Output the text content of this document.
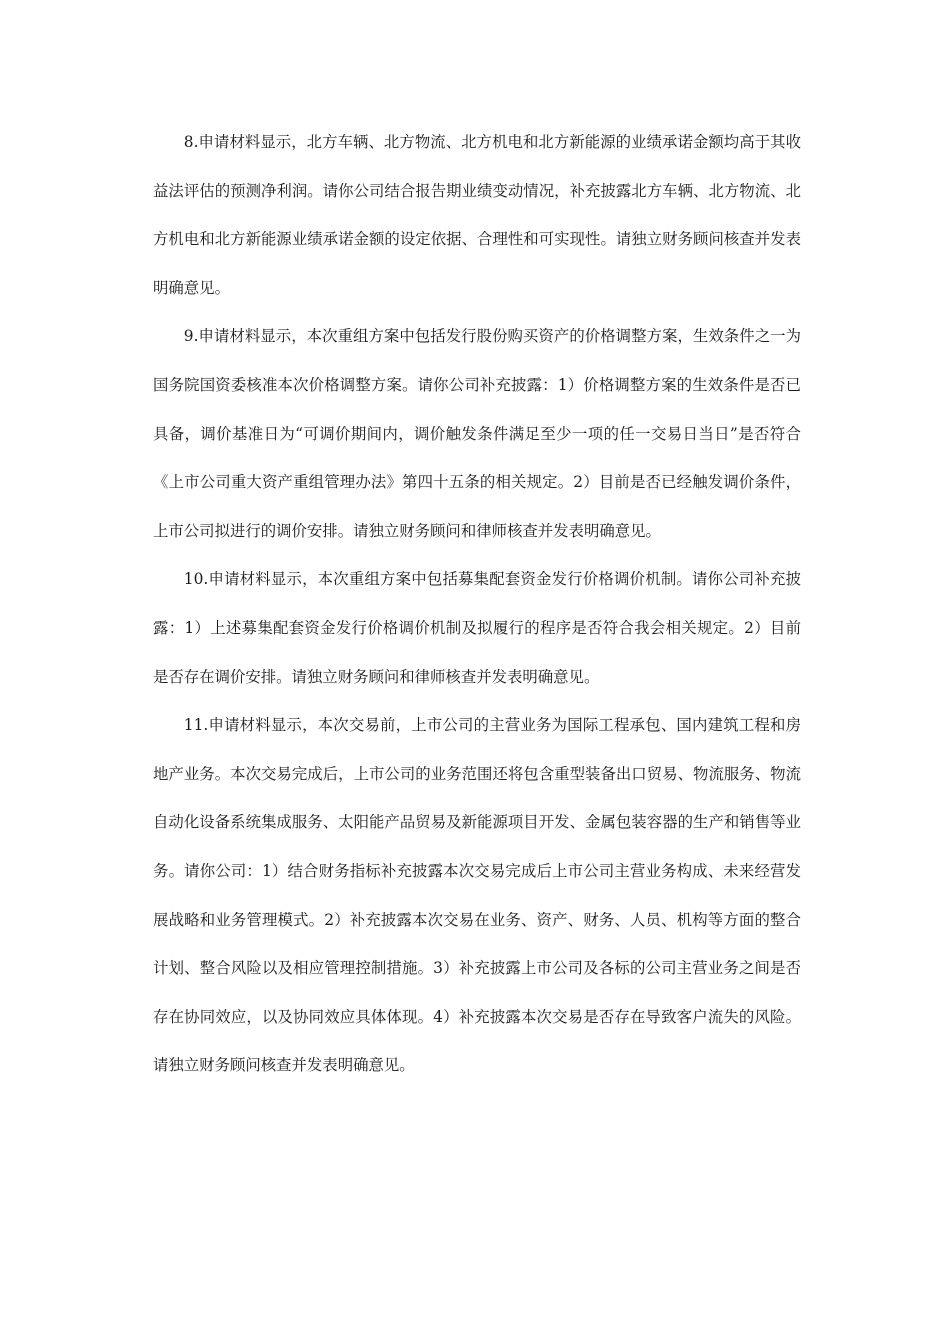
8.申请材料显示，北方车辆、北方物流、北方机电和北方新能源的业绩承诺金额均高于其收益法评估的预测净利润。请你公司结合报告期业绩变动情况，补充披露北方车辆、北方物流、北方机电和北方新能源业绩承诺金额的设定依据、合理性和可实现性。请独立财务顾问核查并发表明确意见。

9.申请材料显示，本次重组方案中包括发行股份购买资产的价格调整方案，生效条件之一为国务院国资委核准本次价格调整方案。请你公司补充披露：1）价格调整方案的生效条件是否已具备，调价基准日为“可调价期间内，调价触发条件满足至少一项的任一交易日当日”是否符合《上市公司重大资产重组管理办法》第四十五条的相关规定。2）目前是否已经触发调价条件，上市公司拟进行的调价安排。请独立财务顾问和律师核查并发表明确意见。

10.申请材料显示，本次重组方案中包括募集配套资金发行价格调价机制。请你公司补充披露：1）上述募集配套资金发行价格调价机制及拟履行的程序是否符合我会相关规定。2）目前是否存在调价安排。请独立财务顾问和律师核查并发表明确意见。

11.申请材料显示，本次交易前，上市公司的主营业务为国际工程承包、国内建筑工程和房地产业务。本次交易完成后，上市公司的业务范围还将包含重型装备出口贸易、物流服务、物流自动化设备系统集成服务、太阳能产品贸易及新能源项目开发、金属包装容器的生产和销售等业务。请你公司：1）结合财务指标补充披露本次交易完成后上市公司主营业务构成、未来经营发展战略和业务管理模式。2）补充披露本次交易在业务、资产、财务、人员、机构等方面的整合计划、整合风险以及相应管理控制措施。3）补充披露上市公司及各标的公司主营业务之间是否存在协同效应，以及协同效应具体体现。4）补充披露本次交易是否存在导致客户流失的风险。请独立财务顾问核查并发表明确意见。
